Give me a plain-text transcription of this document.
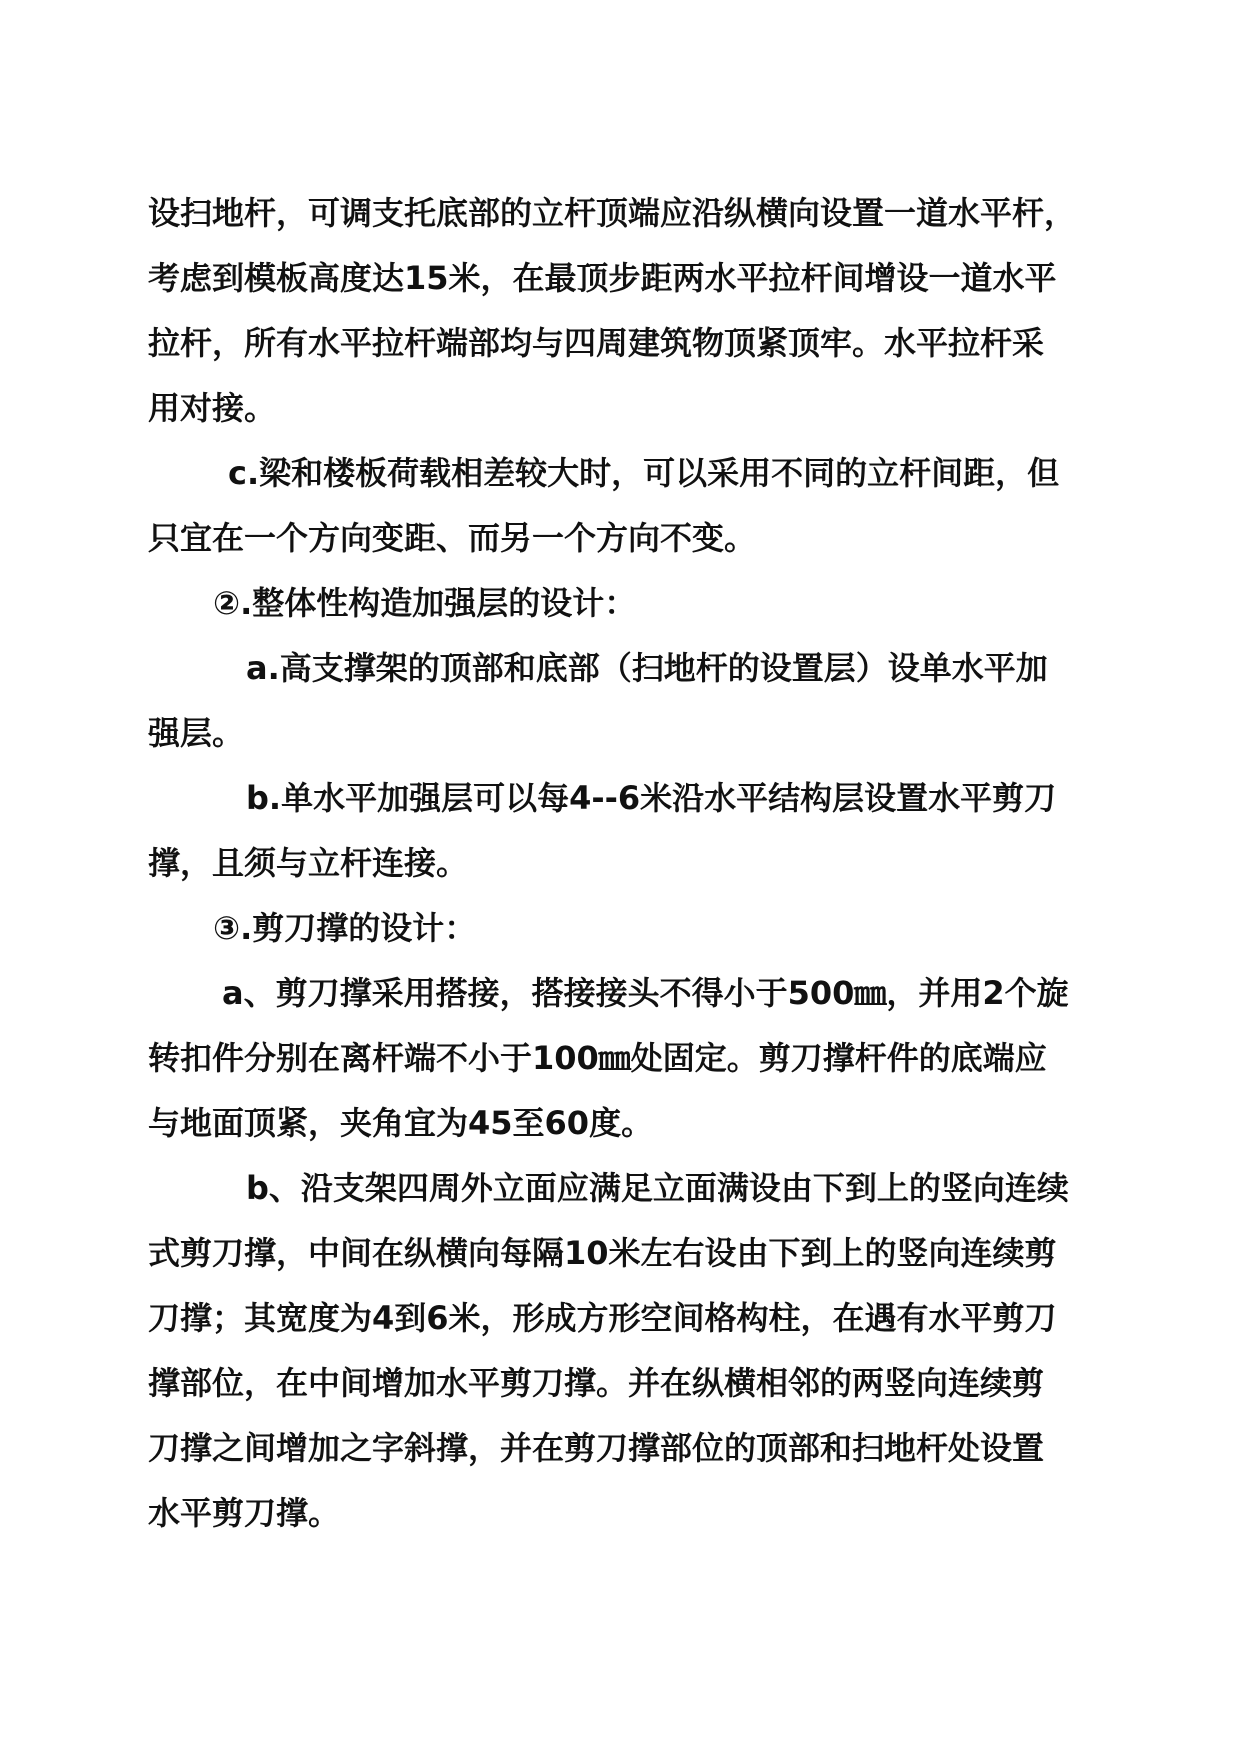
设扫地杆，可调支托底部的立杆顶端应沿纵横向设置一道水平杆，
考虑到模板高度达15米，在最顶步距两水平拉杆间增设一道水平
拉杆，所有水平拉杆端部均与四周建筑物顶紧顶牢。水平拉杆采
用对接。
c.梁和楼板荷载相差较大时，可以采用不同的立杆间距，但
只宜在一个方向变距、而另一个方向不变。
②.整体性构造加强层的设计：
a.高支撑架的顶部和底部（扫地杆的设置层）设单水平加
强层。
b.单水平加强层可以每4--6米沿水平结构层设置水平剪刀
撑，且须与立杆连接。
③.剪刀撑的设计：
a、剪刀撑采用搭接，搭接接头不得小于500㎜，并用2个旋
转扣件分别在离杆端不小于100㎜处固定。剪刀撑杆件的底端应
与地面顶紧，夹角宜为45至60度。
b、沿支架四周外立面应满足立面满设由下到上的竖向连续
式剪刀撑，中间在纵横向每隔10米左右设由下到上的竖向连续剪
刀撑；其宽度为4到6米，形成方形空间格构柱，在遇有水平剪刀
撑部位，在中间增加水平剪刀撑。并在纵横相邻的两竖向连续剪
刀撑之间增加之字斜撑，并在剪刀撑部位的顶部和扫地杆处设置
水平剪刀撑。
